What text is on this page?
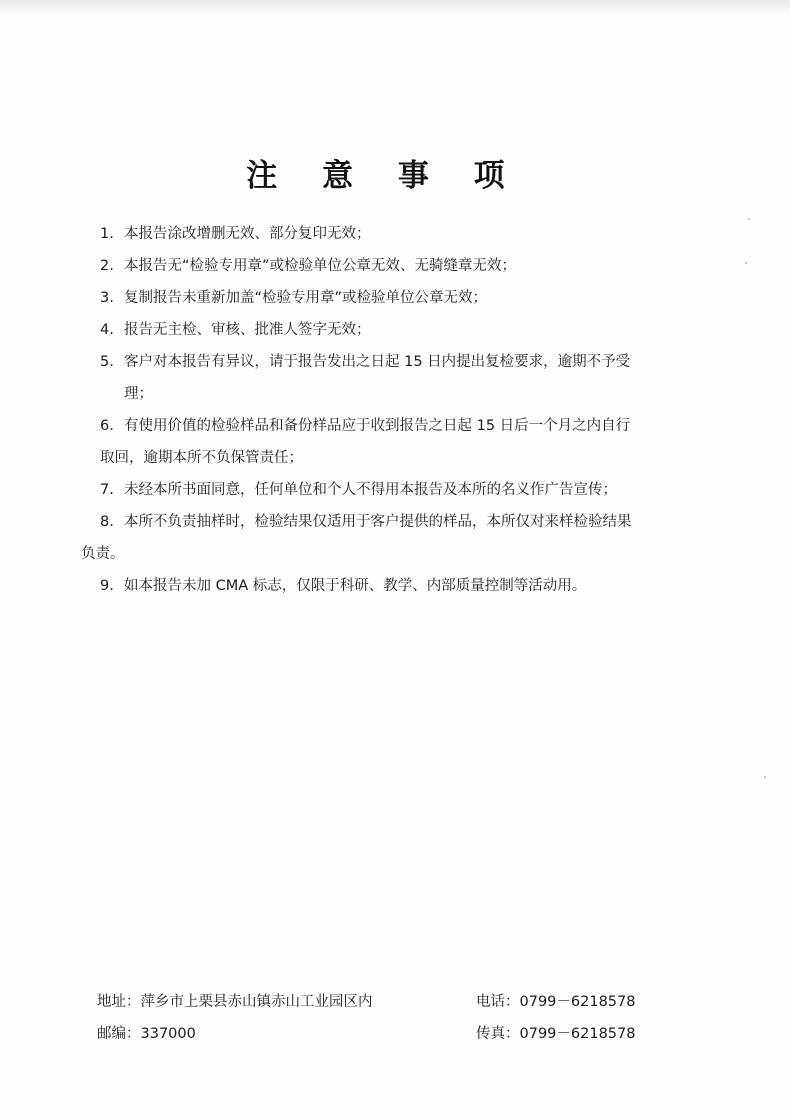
注 意 事 项
1. 本报告涂改增删无效、部分复印无效；
2. 本报告无“检验专用章”或检验单位公章无效、无骑缝章无效；
3. 复制报告未重新加盖“检验专用章”或检验单位公章无效；
4. 报告无主检、审核、批准人签字无效；
5. 客户对本报告有异议，请于报告发出之日起 15 日内提出复检要求，逾期不予受
理；
6. 有使用价值的检验样品和备份样品应于收到报告之日起 15 日后一个月之内自行
取回，逾期本所不负保管责任；
7. 未经本所书面同意，任何单位和个人不得用本报告及本所的名义作广告宣传；
8. 本所不负责抽样时，检验结果仅适用于客户提供的样品，本所仅对来样检验结果
负责。
9. 如本报告未加 CMA 标志，仅限于科研、教学、内部质量控制等活动用。
地址：萍乡市上栗县赤山镇赤山工业园区内	电话：0799－6218578
邮编：337000	传真：0799－6218578
